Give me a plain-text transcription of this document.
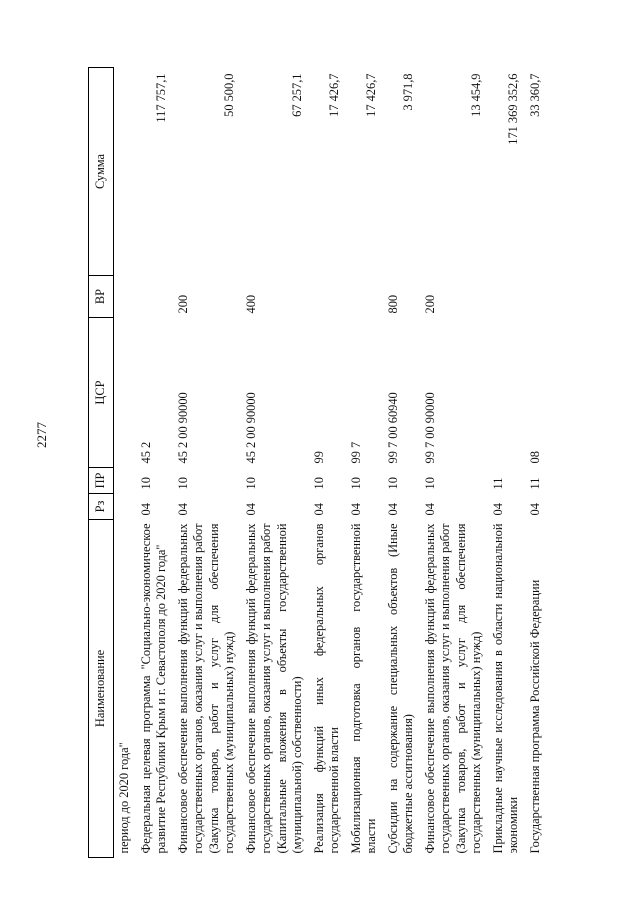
2277
Наименование	Рз	ПР	ЦСР	ВР	Сумма
период до 2020 года"					
Федеральная целевая программа "Социально-экономическое развитие Республики Крым и г. Севастополя до 2020 года"	04	10	45 2		117 757,1
Финансовое обеспечение выполнения функций федеральных государственных органов, оказания услуг и выполнения работ (Закупка товаров, работ и услуг для обеспечения государственных (муниципальных) нужд)	04	10	45 2 00 90000	200	50 500,0
Финансовое обеспечение выполнения функций федеральных государственных органов, оказания услуг и выполнения работ (Капитальные вложения в объекты государственной (муниципальной) собственности)	04	10	45 2 00 90000	400	67 257,1
Реализация функций иных федеральных органов государственной власти	04	10	99		17 426,7
Мобилизационная подготовка органов государственной власти	04	10	99 7		17 426,7
Субсидии на содержание специальных объектов (Иные бюджетные ассигнования)	04	10	99 7 00 60940	800	3 971,8
Финансовое обеспечение выполнения функций федеральных государственных органов, оказания услуг и выполнения работ (Закупка товаров, работ и услуг для обеспечения государственных (муниципальных) нужд)	04	10	99 7 00 90000	200	13 454,9
Прикладные научные исследования в области национальной экономики	04	11			171 369 352,6
Государственная программа Российской Федерации	04	11	08		33 360,7
